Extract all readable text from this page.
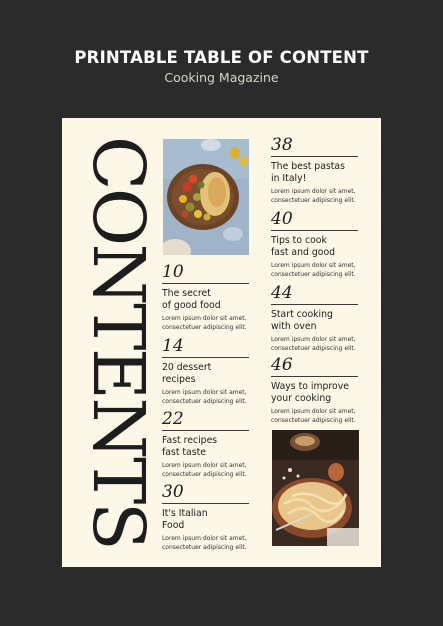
PRINTABLE TABLE OF CONTENT
Cooking Magazine
CONTENTS 10
The secret
of good food
Lorem ipsum dolor sit amet,
consectetuer adipiscing elit.
14
20 dessert
recipes
Lorem ipsum dolor sit amet,
consectetuer adipiscing elit.
22
Fast recipes
fast taste
Lorem ipsum dolor sit amet,
consectetuer adipiscing elit.
30
It's Italian
Food
Lorem ipsum dolor sit amet,
consectetuer adipiscing elit.
38
The best pastas
in Italy!
Lorem ipsum dolor sit amet,
consectetuer adipiscing elit.
40
Tips to cook
fast and good
Lorem ipsum dolor sit amet,
consectetuer adipiscing elit.
44
Start cooking
with oven
Lorem ipsum dolor sit amet,
consectetuer adipiscing elit.
46
Ways to improve
your cooking
Lorem ipsum dolor sit amet,
consectetuer adipiscing elit.
